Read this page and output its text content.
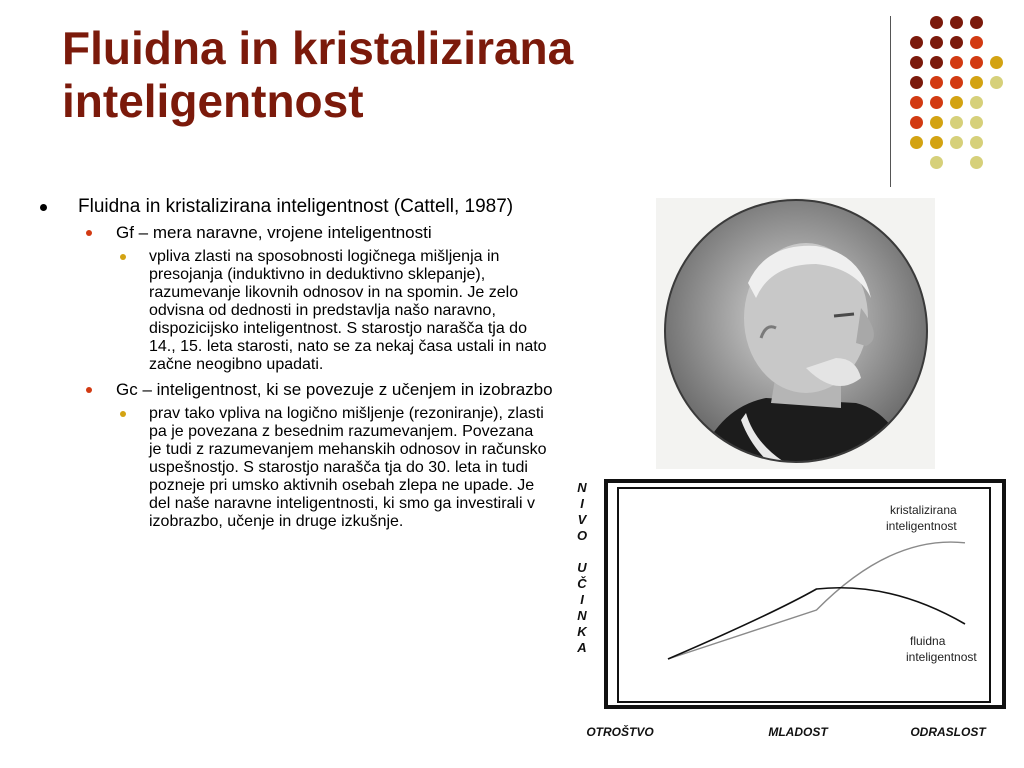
Fluidna in kristalizirana
inteligentnost
Fluidna in kristalizirana inteligentnost (Cattell, 1987)
Gf – mera naravne, vrojene inteligentnosti
vpliva zlasti na sposobnosti logičnega mišljenja in presojanja (induktivno in deduktivno sklepanje), razumevanje likovnih odnosov in na spomin. Je zelo odvisna od dednosti in predstavlja našo naravno, dispozicijsko inteligentnost. S starostjo narašča tja do 14., 15. leta starosti, nato se za nekaj časa ustali in nato začne neogibno upadati.
Gc – inteligentnost, ki se povezuje z učenjem in izobrazbo
prav tako vpliva na logično mišljenje (rezoniranje), zlasti pa je povezana z besednim razumevanjem. Povezana je tudi z razumevanjem mehanskih odnosov in računsko uspešnostjo. S starostjo narašča tja do 30. leta in tudi pozneje pri umsko aktivnih osebah zlepa ne upade. Je del naše naravne inteligentnosti, ki smo ga investirali v izobrazbo, učenje in druge izkušnje.
N
I
V
O
U
Č
I
N
K
A
OTROŠTVO	MLADOST	ODRASLOST
kristalizirana
inteligentnost
fluidna
inteligentnost
